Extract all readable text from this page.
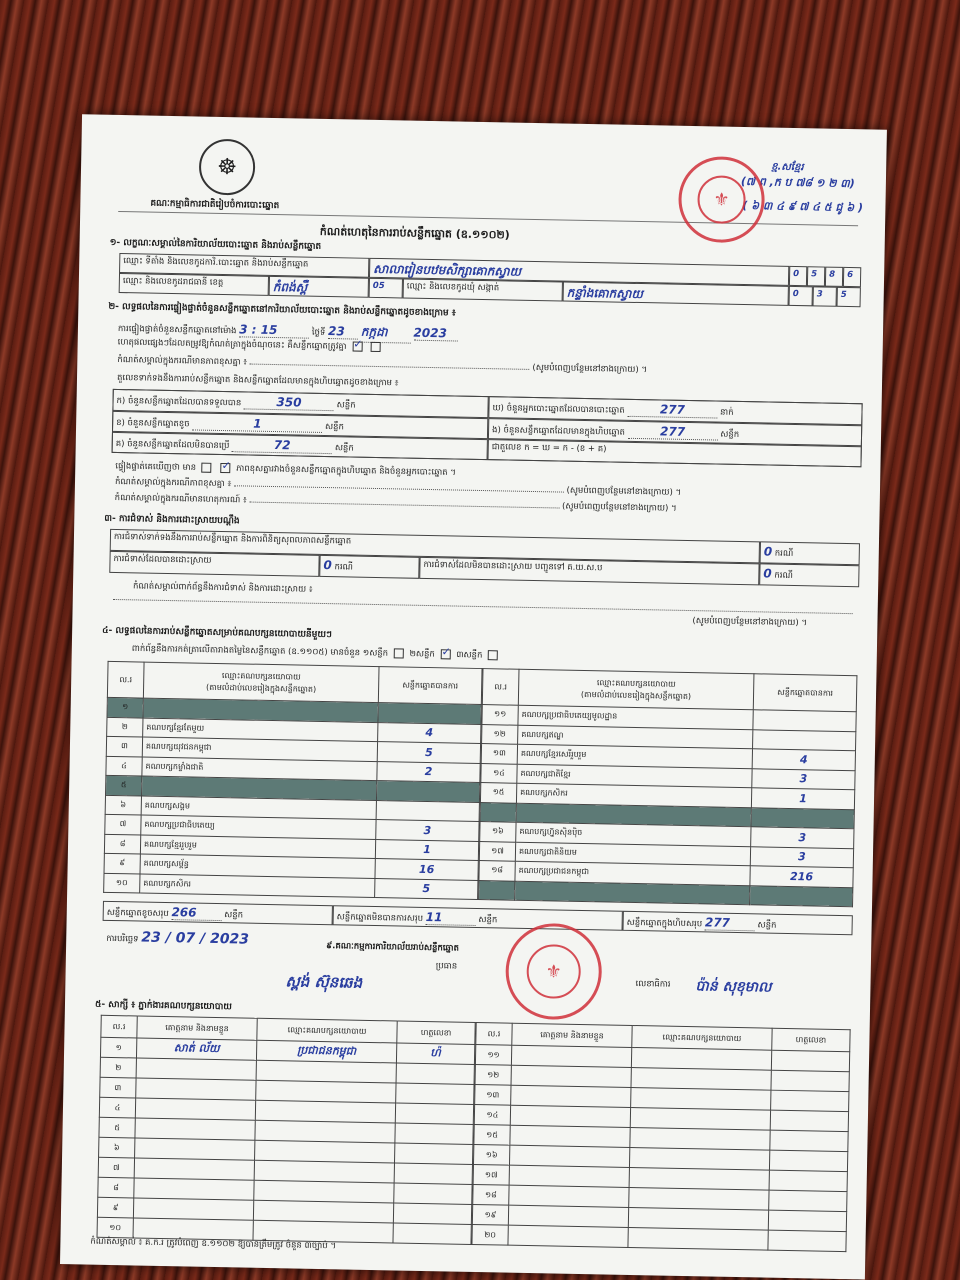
☸
គណៈកម្មាធិការជាតិរៀបចំការបោះឆ្នោត
កំណត់ហេតុនៃការរាប់សន្លឹកឆ្នោត (ឧ.១១០២)
ខ្ម.សខ្មែរ
(៧ ព ,ក ប ៧៨ ១ ២ ៣)
( ៦ ៣ ៤ ៩ ៧ ៤ ៥ ជូ ៦ )
⚜
១- លក្ខណៈសម្គាល់នៃការិយាល័យបោះឆ្នោត និងរាប់សន្លឹកឆ្នោត
ឈ្មោះ ទីតាំង និងលេខកូដការិ.បោះឆ្នោត និងរាប់សន្លឹកឆ្នោត	សាលារៀនបឋមសិក្សាគោកស្វាយ	0	5	8	6
ឈ្មោះ និងលេខកូដរាជធានី ខេត្ត	កំពង់ស្ពឺ	05	ឈ្មោះ និងលេខកូដឃុំ សង្កាត់	កន្ទាំងគោកស្វាយ	0	3	5
២- លទ្ធផលនៃការផ្ទៀងផ្ទាត់ចំនួនសន្លឹកឆ្នោតនៅការិយាល័យបោះឆ្នោត និងរាប់សន្លឹកឆ្នោតដូចខាងក្រោម ៖
ការផ្ទៀងផ្ទាត់ចំនួនសន្លឹកឆ្នោតនៅម៉ោង 3 : 15	ថ្ងៃទី 23 កក្កដា 2023
ហេតុផលផ្សេងៗដែលតម្រូវឱ្យកំណត់ត្រាក្នុងចំណុចនេះ គឺសន្លឹកឆ្នោតត្រូវគ្នា ✓
កំណត់សម្គាល់ក្នុងករណីមានភាពខុសគ្នា ៖  (សូមបំពេញបន្ថែមនៅខាងក្រោយ) ។
តួលេខទាក់ទងនឹងការរាប់សន្លឹកឆ្នោត និងសន្លឹកឆ្នោតដែលមានក្នុងហិបឆ្នោតដូចខាងក្រោម ៖
ក) ចំនួនសន្លឹកឆ្នោតដែលបានទទួលបាន	350	សន្លឹក
ខ) ចំនួនសន្លឹកឆ្នោតខូច	1	សន្លឹក
គ) ចំនួនសន្លឹកឆ្នោតដែលមិនបានប្រើ	72	សន្លឹក
ឃ) ចំនួនអ្នកបោះឆ្នោតដែលបានបោះឆ្នោត	277	នាក់
ង) ចំនួនសន្លឹកឆ្នោតដែលមានក្នុងហិបឆ្នោត	277	សន្លឹក
ជាតួលេខ ក = ឃ = ក - (ខ + គ)
ផ្ទៀងផ្ទាត់គេឃើញថា មាន ✓	ភាពខុសគ្នារវាងចំនួនសន្លឹកឆ្នោតក្នុងហិបឆ្នោត និងចំនួនអ្នកបោះឆ្នោត ។
កំណត់សម្គាល់ក្នុងករណីភាពខុសគ្នា ៖  (សូមបំពេញបន្ថែមនៅខាងក្រោយ) ។
កំណត់សម្គាល់ក្នុងករណីមានហេតុការណ៍ ៖  (សូមបំពេញបន្ថែមនៅខាងក្រោយ) ។
៣- ការជំទាស់ និងការដោះស្រាយបណ្តឹង
ការជំទាស់ទាក់ទងនឹងការរាប់សន្លឹកឆ្នោត និងការពិនិត្យសុពលភាពសន្លឹកឆ្នោត
0 ករណី
ការជំទាស់ដែលបានដោះស្រាយ	0 ករណី	ការជំទាស់ដែលមិនបានដោះស្រាយ បញ្ជូនទៅ គ.ឃ.ស.ប	0 ករណី
កំណត់សម្គាល់ពាក់ព័ន្ធនឹងការជំទាស់ និងការដោះស្រាយ ៖
(សូមបំពេញបន្ថែមនៅខាងក្រោយ) ។
៤- លទ្ធផលនៃការរាប់សន្លឹកឆ្នោតសម្រាប់គណបក្សនយោបាយនីមួយៗ
ពាក់ព័ន្ធនឹងការកត់ត្រាលើតារាងតម្លៃនៃសន្លឹកឆ្នោត (ឧ.១១០៥) មានចំនួន ១សន្លឹក ២សន្លឹក ✓ ៣សន្លឹក
ល.រ	ឈ្មោះគណបក្សនយោបាយ
(តាមលំដាប់លេខរៀងក្នុងសន្លឹកឆ្នោត)	សន្លឹកឆ្នោតបានការ
១		
២	គណបក្សខ្មែរតែមួយ	4
៣	គណបក្សយុវជនកម្ពុជា	5
៤	គណបក្សកម្លាំងជាតិ	2
៥		
៦	គណបក្សសង្គម	
៧	គណបក្សប្រជាធិបតេយ្យ	3
៨	គណបក្សខ្មែររួបរួម	1
៩	គណបក្សសម្ព័ន្ធ	16
១០	គណបក្សកសិករ	5
ល.រ	ឈ្មោះគណបក្សនយោបាយ
(តាមលំដាប់លេខរៀងក្នុងសន្លឹកឆ្នោត)	សន្លឹកឆ្នោតបានការ
១១	គណបក្សប្រជាធិបតេយ្យមូលដ្ឋាន	
១២	គណបក្សឥណ្ឌ	
១៣	គណបក្សខ្មែរសេរីរួបរួម	4
១៤	គណបក្សជាតិខ្មែរ	3
១៥	គណបក្សកសិករ	1

១៦	គណបក្សហ្វ៊ុនស៊ិនប៉ិច	3
១៧	គណបក្សជាតិនិយម	3
១៨	គណបក្សប្រជាជនកម្ពុជា	216

សន្លឹកឆ្នោតខូចសរុប 266	សន្លឹក	សន្លឹកឆ្នោតមិនបានការសរុប 11	សន្លឹក	សន្លឹកឆ្នោតក្នុងហិបសរុប 277	សន្លឹក
ការបរិច្ឆេទ 23 / 07 / 2023	៩.គណៈកម្មការការិយាល័យរាប់សន្លឹកឆ្នោត
ប្រធាន
ស្ពង់ ស៊ុនឆេង	⚜
លេខាធិការ ប៉ាន់ សុខុមាល
៥- សាក្សី ៖ ភ្នាក់ងារគណបក្សនយោបាយ
ល.រ	គោត្តនាម និងនាមខ្លួន	ឈ្មោះគណបក្សនយោបាយ	ហត្ថលេខា
១	សាត់ ល័យ	ប្រជាជនកម្ពុជា	ហ៉
២			
៣			
៤			
៥			
៦			
៧			
៨			
៩			
១០			
ល.រ	គោត្តនាម និងនាមខ្លួន	ឈ្មោះគណបក្សនយោបាយ	ហត្ថលេខា
១១			
១២			
១៣			
១៤			
១៥			
១៦			
១៧			
១៨			
១៩			
២០			
កំណត់សម្គាល់ ៖ គ.ក.រ ត្រូវបំពេញ ឧ.១១០២ ឱ្យបានត្រឹមត្រូវ ចំនួន ៣ច្បាប់ ។
